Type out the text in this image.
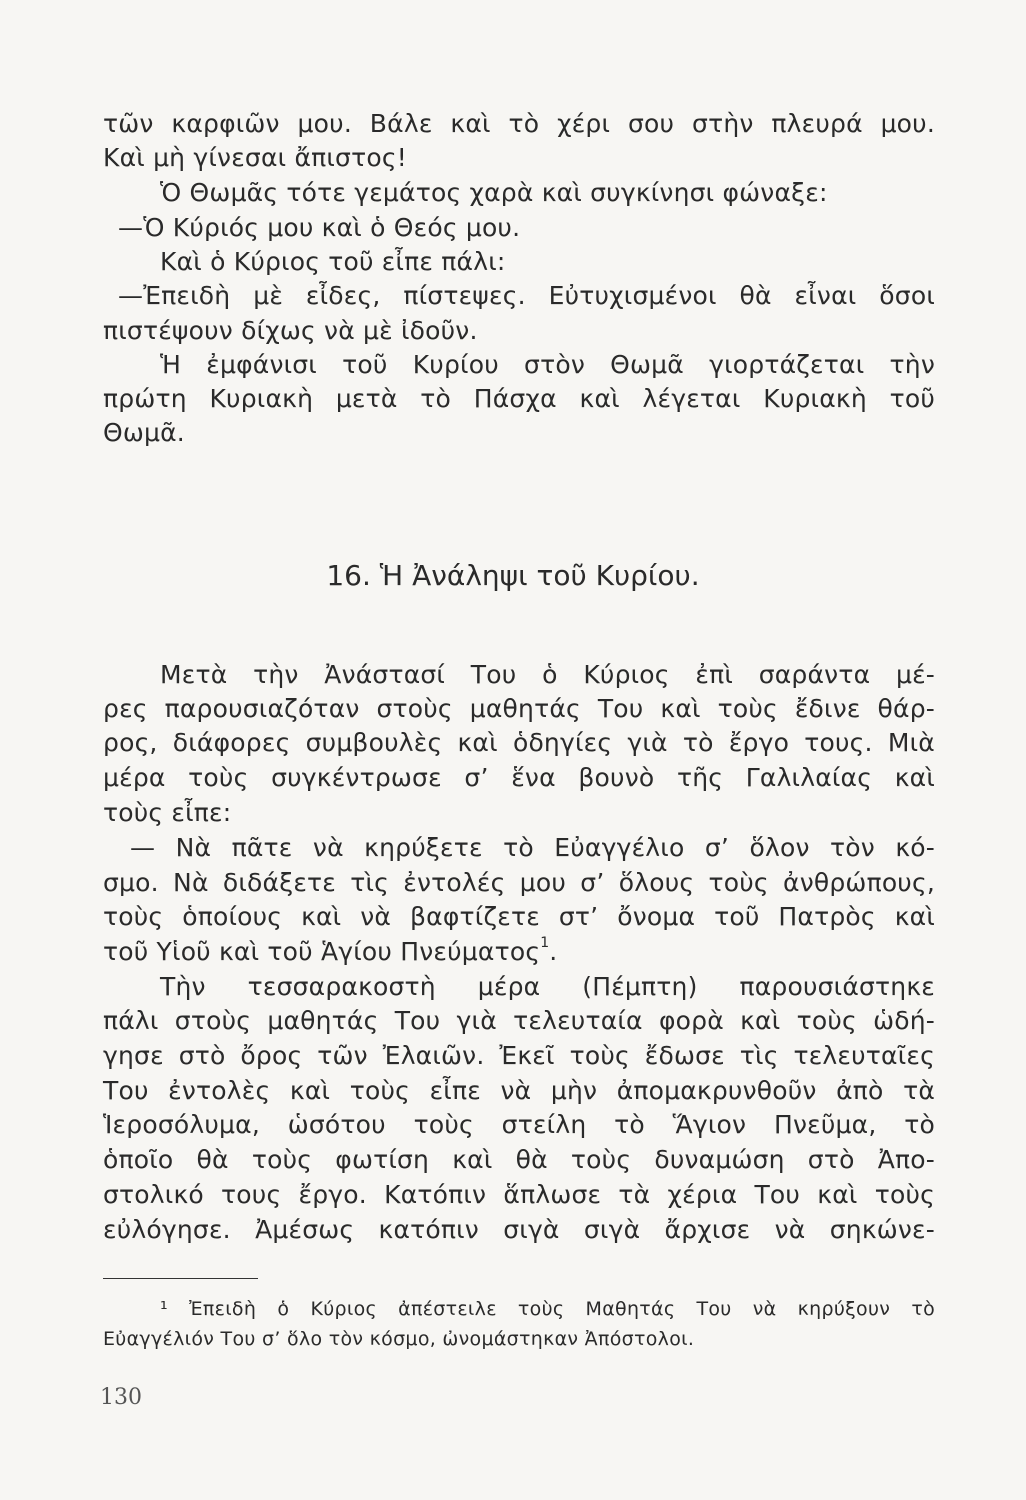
τῶν καρφιῶν μου. Βάλε καὶ τὸ χέρι σου στὴν πλευρά μου.
Καὶ μὴ γίνεσαι ἄπιστος!
Ὁ Θωμᾶς τότε γεμάτος χαρὰ καὶ συγκίνησι φώναξε:
—Ὁ Κύριός μου καὶ ὁ Θεός μου.
Καὶ ὁ Κύριος τοῦ εἶπε πάλι:
—Ἐπειδὴ μὲ εἶδες, πίστεψες. Εὐτυχισμένοι θὰ εἶναι ὅσοι
πιστέψουν δίχως νὰ μὲ ἰδοῦν.
Ἡ ἐμφάνισι τοῦ Κυρίου στὸν Θωμᾶ γιορτάζεται τὴν
πρώτη Κυριακὴ μετὰ τὸ Πάσχα καὶ λέγεται Κυριακὴ τοῦ
Θωμᾶ.
16. Ἡ Ἀνάληψι τοῦ Κυρίου.
Μετὰ τὴν Ἀνάστασί Του ὁ Κύριος ἐπὶ σαράντα μέ-
ρες παρουσιαζόταν στοὺς μαθητάς Του καὶ τοὺς ἔδινε θάρ-
ρος, διάφορες συμβουλὲς καὶ ὁδηγίες γιὰ τὸ ἔργο τους. Μιὰ
μέρα τοὺς συγκέντρωσε σ’ ἕνα βουνὸ τῆς Γαλιλαίας καὶ
τοὺς εἶπε:
— Νὰ πᾶτε νὰ κηρύξετε τὸ Εὐαγγέλιο σ’ ὅλον τὸν κό-
σμο. Νὰ διδάξετε τὶς ἐντολές μου σ’ ὅλους τοὺς ἀνθρώπους,
τοὺς ὁποίους καὶ νὰ βαφτίζετε στ’ ὄνομα τοῦ Πατρὸς καὶ
τοῦ Υἱοῦ καὶ τοῦ Ἁγίου Πνεύματος$^1$.
Τὴν τεσσαρακοστὴ μέρα (Πέμπτη) παρουσιάστηκε
πάλι στοὺς μαθητάς Του γιὰ τελευταία φορὰ καὶ τοὺς ὡδή-
γησε στὸ ὄρος τῶν Ἐλαιῶν. Ἐκεῖ τοὺς ἔδωσε τὶς τελευταῖες
Του ἐντολὲς καὶ τοὺς εἶπε νὰ μὴν ἀπομακρυνθοῦν ἀπὸ τὰ
Ἱεροσόλυμα, ὡσότου τοὺς στείλη τὸ Ἅγιον Πνεῦμα, τὸ
ὁποῖο θὰ τοὺς φωτίση καὶ θὰ τοὺς δυναμώση στὸ Ἀπο-
στολικό τους ἔργο. Κατόπιν ἅπλωσε τὰ χέρια Του καὶ τοὺς
εὐλόγησε. Ἀμέσως κατόπιν σιγὰ σιγὰ ἄρχισε νὰ σηκώνε-
¹ Ἐπειδὴ ὁ Κύριος ἀπέστειλε τοὺς Μαθητάς Του νὰ κηρύξουν τὸ
Εὐαγγέλιόν Του σ’ ὅλο τὸν κόσμο, ὠνομάστηκαν Ἀπόστολοι.
130
